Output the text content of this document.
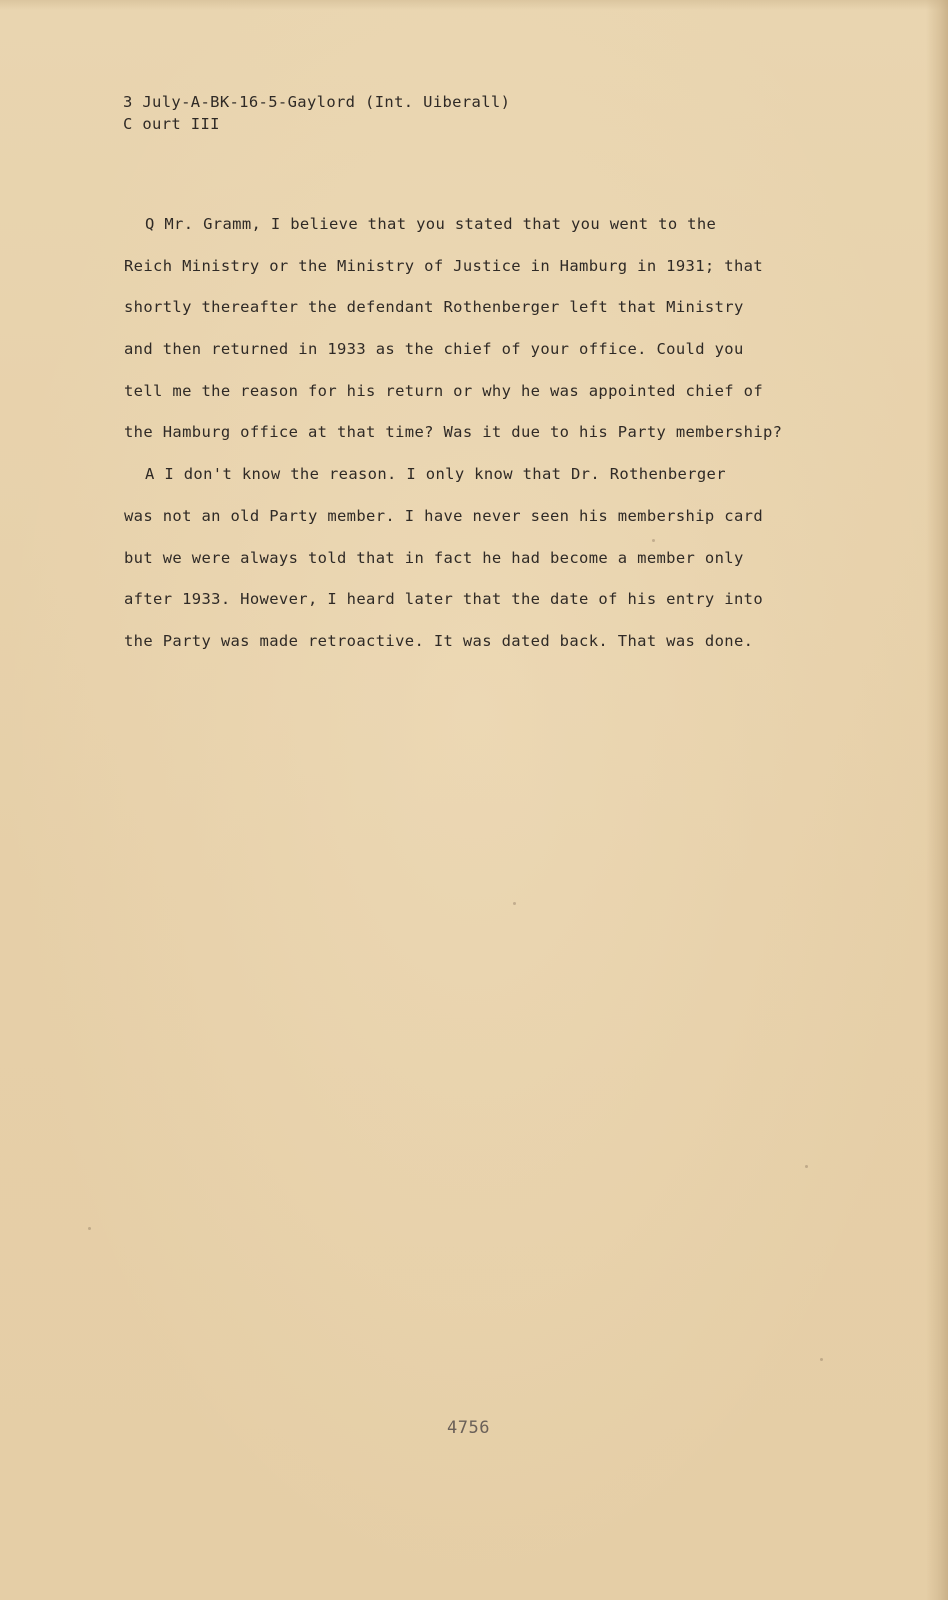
3 July-A-BK-16-5-Gaylord (Int. Uiberall)
C ourt III
Q Mr. Gramm, I believe that you stated that you went to the
Reich Ministry or the Ministry of Justice in Hamburg in 1931; that
shortly thereafter the defendant Rothenberger left that Ministry
and then returned in 1933 as the chief of your office. Could you
tell me the reason for his return or why he was appointed chief of
the Hamburg office at that time? Was it due to his Party membership?
A I don't know the reason. I only know that Dr. Rothenberger
was not an old Party member. I have never seen his membership card
but we were always told that in fact he had become a member only
after 1933. However, I heard later that the date of his entry into
the Party was made retroactive. It was dated back. That was done.
4756
